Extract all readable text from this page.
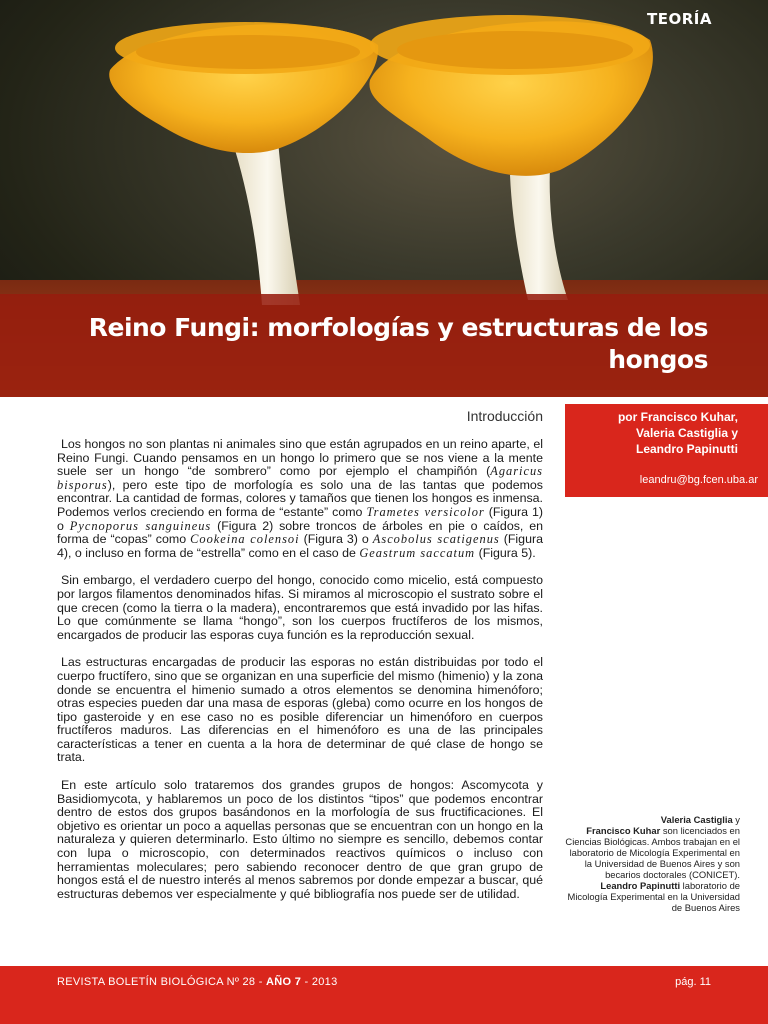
TEORÍA
Reino Fungi: morfologías y estructuras de los hongos
Introducción

Los hongos no son plantas ni animales sino que están agrupados en un reino aparte, el Reino Fungi. Cuando pensamos en un hongo lo primero que se nos viene a la mente suele ser un hongo “de sombrero” como por ejemplo el champiñón (Agaricus bisporus), pero este tipo de morfología es solo una de las tantas que podemos encontrar. La cantidad de formas, colores y tamaños que tienen los hongos es inmensa. Podemos verlos creciendo en forma de “estante” como Trametes versicolor (Figura 1) o Pycnoporus sanguineus (Figura 2) sobre troncos de árboles en pie o caídos, en forma de “copas” como Cookeina colensoi (Figura 3) o Ascobolus scatigenus (Figura 4), o incluso en forma de “estrella” como en el caso de Geastrum saccatum (Figura 5).

Sin embargo, el verdadero cuerpo del hongo, conocido como micelio, está compuesto por largos filamentos denominados hifas. Si miramos al microscopio el sustrato sobre el que crecen (como la tierra o la madera), encontraremos que está invadido por las hifas. Lo que comúnmente se llama “hongo”, son los cuerpos fructíferos de los mismos, encargados de producir las esporas cuya función es la reproducción sexual.

Las estructuras encargadas de producir las esporas no están distribuidas por todo el cuerpo fructífero, sino que se organizan en una superficie del mismo (himenio) y la zona donde se encuentra el himenio sumado a otros elementos se denomina himenóforo; otras especies pueden dar una masa de esporas (gleba) como ocurre en los hongos de tipo gasteroide y en ese caso no es posible diferenciar un himenóforo en cuerpos fructíferos maduros. Las diferencias en el himenóforo es una de las principales características a tener en cuenta a la hora de determinar de qué clase de hongo se trata.

En este artículo solo trataremos dos grandes grupos de hongos: Ascomycota y Basidiomycota, y hablaremos un poco de los distintos “tipos” que podemos encontrar dentro de estos dos grupos basándonos en la morfología de sus fructificaciones. El objetivo es orientar un poco a aquellas personas que se encuentran con un hongo en la naturaleza y quieren determinarlo. Esto último no siempre es sencillo, debemos contar con lupa o microscopio, con determinados reactivos químicos o incluso con herramientas moleculares; pero sabiendo reconocer dentro de que gran grupo de hongos está el de nuestro interés al menos sabremos por donde empezar a buscar, qué estructuras debemos ver especialmente y qué bibliografía nos puede ser de utilidad.

por Francisco Kuhar,
Valeria Castiglia y
Leandro Papinutti
leandru@bg.fcen.uba.ar
Valeria Castiglia y
Francisco Kuhar son licenciados en Ciencias Biológicas. Ambos trabajan en el laboratorio de Micología Experimental en la Universidad de Buenos Aires y son becarios doctorales (CONICET).
Leandro Papinutti laboratorio de Micología Experimental en la Universidad de Buenos Aires
REVISTA BOLETÍN BIOLÓGICA Nº 28 - AÑO 7 - 2013	pág. 11
